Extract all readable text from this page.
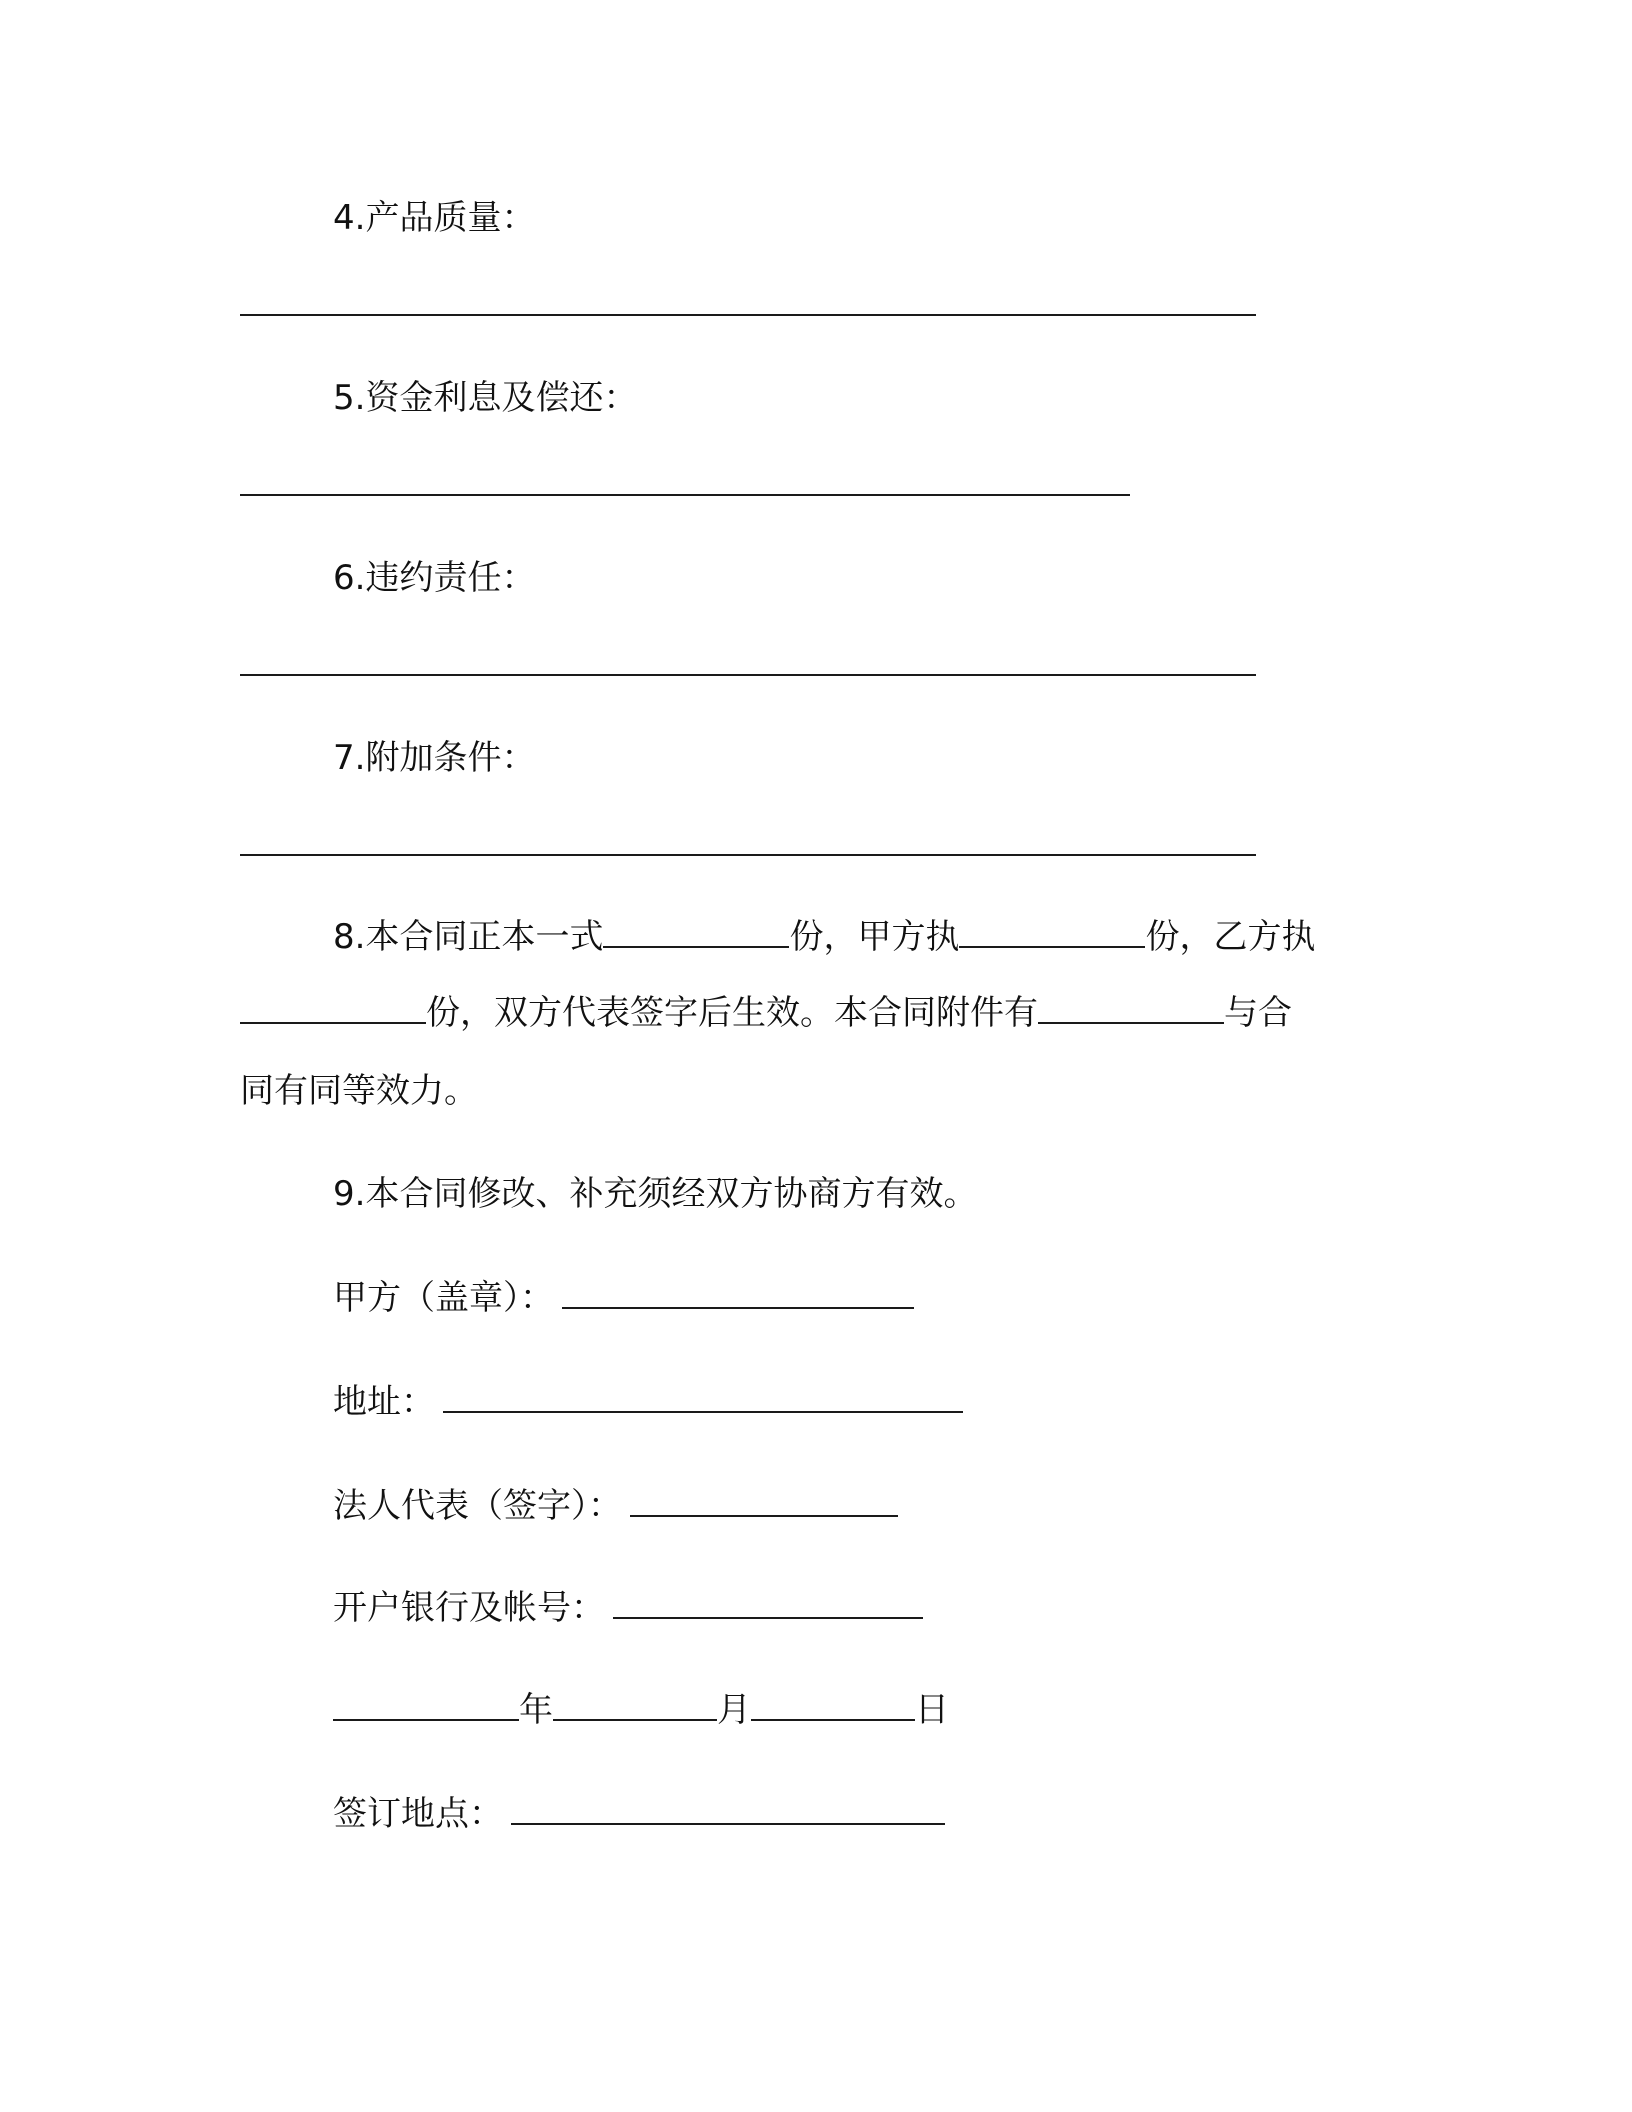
4.产品质量：
5.资金利息及偿还：
6.违约责任：
7.附加条件：
8.本合同正本一式	份，甲方执	份，乙方执
份，双方代表签字后生效。本合同附件有	与合
同有同等效力。
9.本合同修改、补充须经双方协商方有效。
甲方（盖章）：
地址：
法人代表（签字）：
开户银行及帐号：
年	月	日
签订地点：
